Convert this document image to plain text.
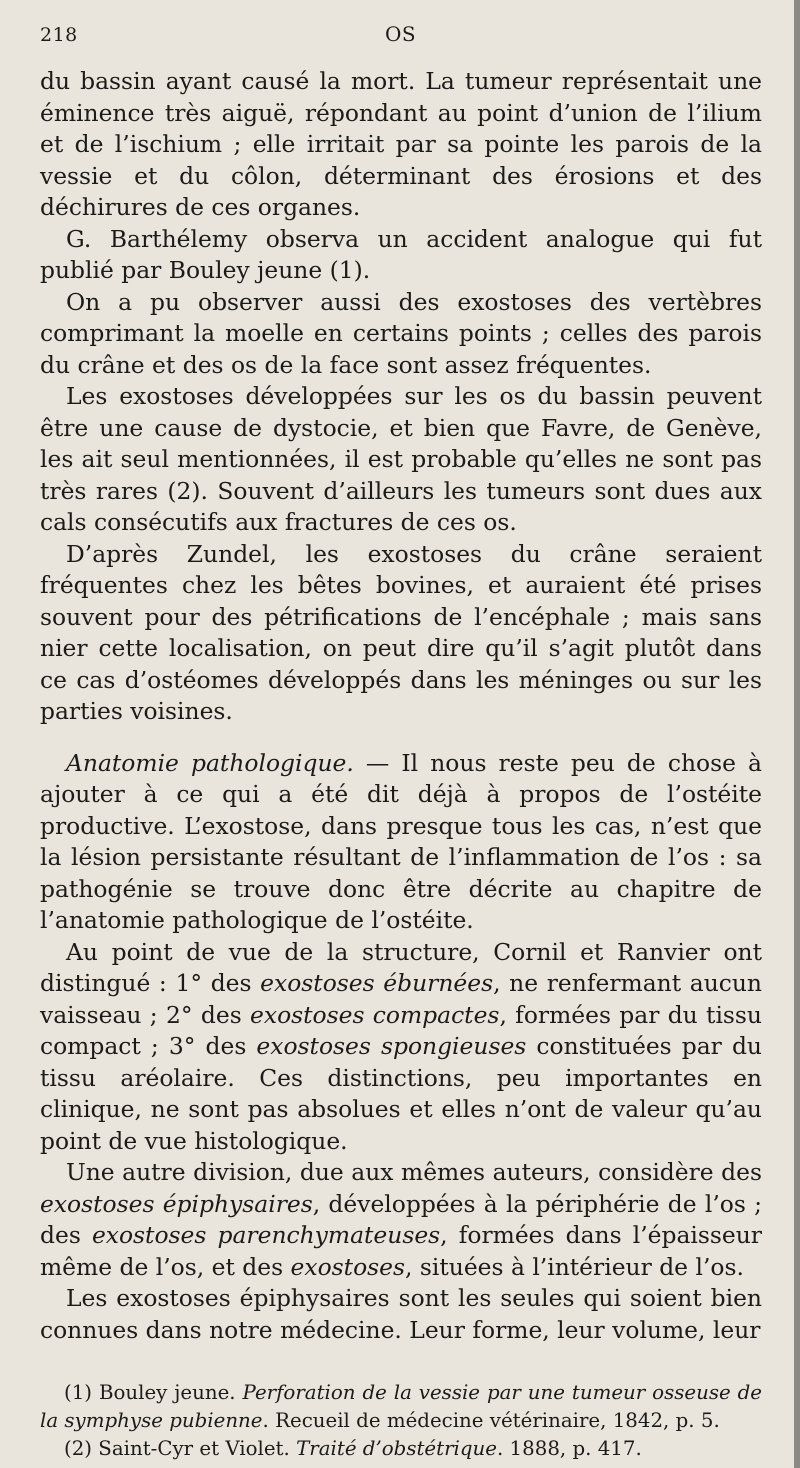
218	OS

du bassin ayant causé la mort. La tumeur représentait une éminence très aiguë, répondant au point d’union de l’ilium et de l’ischium ; elle irritait par sa pointe les parois de la vessie et du côlon, déterminant des érosions et des déchirures de ces organes.

G. Barthélemy observa un accident analogue qui fut publié par Bouley jeune (1).

On a pu observer aussi des exostoses des vertèbres comprimant la moelle en certains points ; celles des parois du crâne et des os de la face sont assez fréquentes.

Les exostoses développées sur les os du bassin peuvent être une cause de dystocie, et bien que Favre, de Genève, les ait seul mentionnées, il est probable qu’elles ne sont pas très rares (2). Souvent d’ailleurs les tumeurs sont dues aux cals consécutifs aux fractures de ces os.

D’après Zundel, les exostoses du crâne seraient fréquentes chez les bêtes bovines, et auraient été prises souvent pour des pétrifications de l’encéphale ; mais sans nier cette localisation, on peut dire qu’il s’agit plutôt dans ce cas d’ostéomes développés dans les méninges ou sur les parties voisines.

Anatomie pathologique. — Il nous reste peu de chose à ajouter à ce qui a été dit déjà à propos de l’ostéite productive. L’exostose, dans presque tous les cas, n’est que la lésion persistante résultant de l’inflammation de l’os : sa pathogénie se trouve donc être décrite au chapitre de l’anatomie pathologique de l’ostéite.

Au point de vue de la structure, Cornil et Ranvier ont distingué : 1° des exostoses éburnées, ne renfermant aucun vaisseau ; 2° des exostoses compactes, formées par du tissu compact ; 3° des exostoses spongieuses constituées par du tissu aréolaire. Ces distinctions, peu importantes en clinique, ne sont pas absolues et elles n’ont de valeur qu’au point de vue histologique.

Une autre division, due aux mêmes auteurs, considère des exostoses épiphysaires, développées à la périphérie de l’os ; des exostoses parenchymateuses, formées dans l’épaisseur même de l’os, et des exostoses, situées à l’intérieur de l’os.

Les exostoses épiphysaires sont les seules qui soient bien connues dans notre médecine. Leur forme, leur volume, leur

(1) Bouley jeune. Perforation de la vessie par une tumeur osseuse de la symphyse pubienne. Recueil de médecine vétérinaire, 1842, p. 5.

(2) Saint-Cyr et Violet. Traité d’obstétrique. 1888, p. 417.
